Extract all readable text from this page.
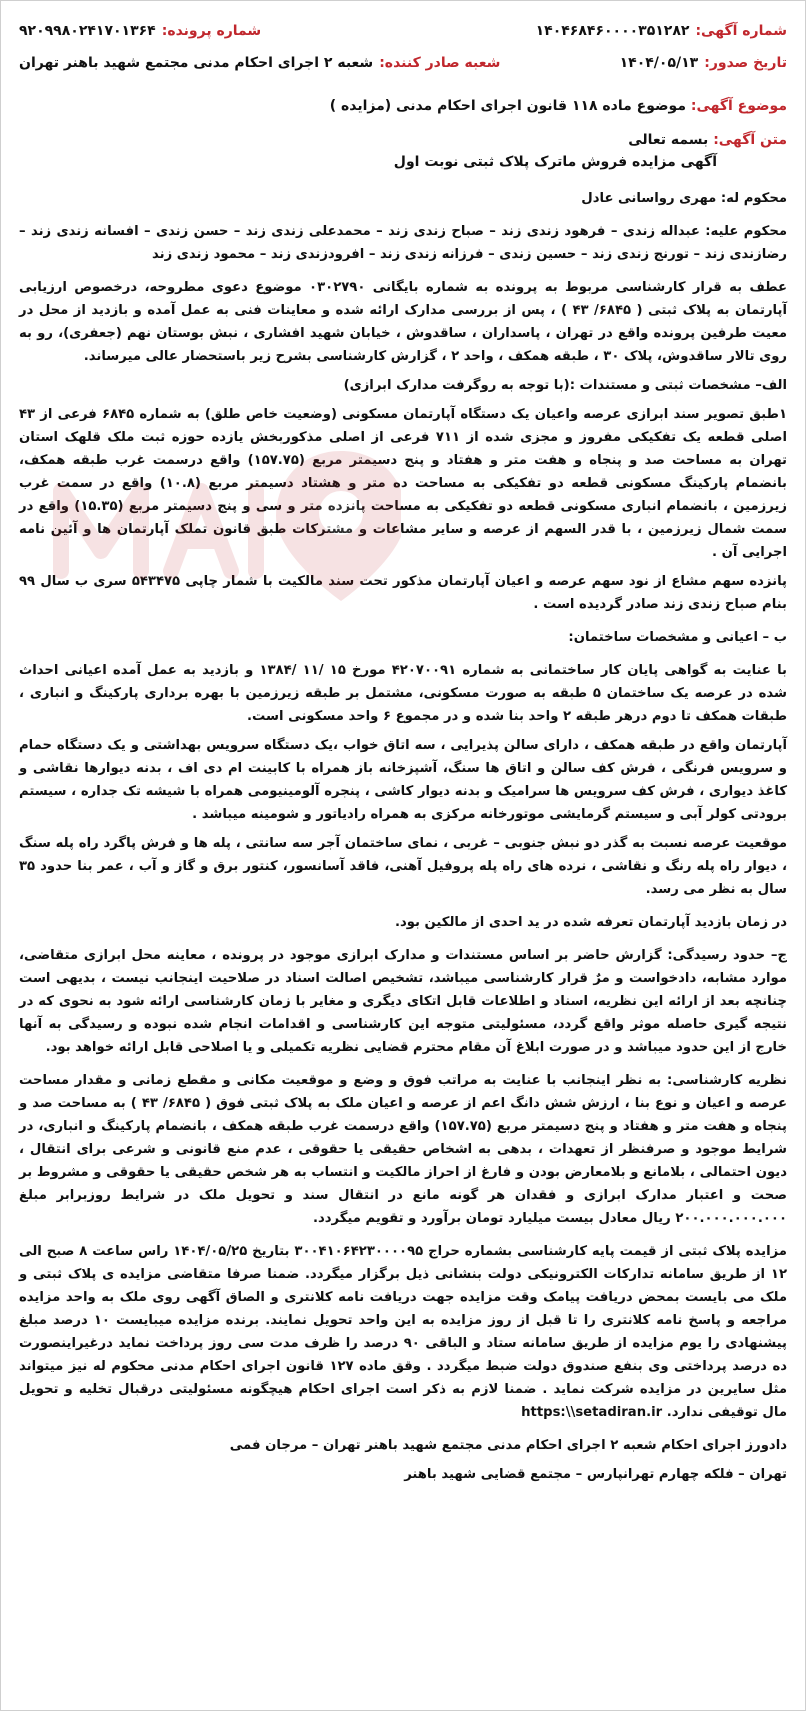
شماره آگهی:
۱۴۰۴۶۸۴۶۰۰۰۰۳۵۱۲۸۲
شماره پرونده:
۹۲۰۹۹۸۰۲۴۱۷۰۱۳۶۴
تاریخ صدور:
۱۴۰۴/۰۵/۱۳
شعبه صادر کننده:
شعبه ۲ اجرای احکام مدنی مجتمع شهید باهنر تهران
موضوع آگهی: موضوع ماده ۱۱۸ قانون اجرای احکام مدنی (مزایده )
متن آگهی: بسمه تعالی
آگهی مزایده فروش ماترک پلاک ثبتی نوبت اول

محکوم له: مهری رواسانی عادل

محکوم علیه: عبداله زندی – فرهود زندی زند – صباح زندی زند – محمدعلی زندی زند – حسن زندی – افسانه زندی زند – رضازندی زند – تورنج زندی زند – حسین زندی – فرزانه زندی زند – افرودزندی زند – محمود زندی زند

عطف به قرار کارشناسی مربوط به پرونده به شماره بایگانی ۰۳۰۲۷۹۰ موضوع دعوی مطروحه، درخصوص ارزیابی آپارتمان به پلاک ثبتی ( ۶۸۴۵/ ۴۳ ) ، پس از بررسی مدارک ارائه شده و معاینات فنی به عمل آمده و بازدید از محل در معیت طرفین پرونده واقع در تهران ، پاسداران ، ساقدوش ، خیابان شهید افشاری ، نبش بوستان نهم (جعفری)، رو به روی تالار ساقدوش، پلاک ۳۰ ، طبقه همکف ، واحد ۲ ، گزارش کارشناسی بشرح زیر باستحضار عالی میرساند.

الف– مشخصات ثبتی و مستندات :(با توجه به روگرفت مدارک ابرازی)

۱طبق تصویر سند ابرازی عرصه واعیان یک دستگاه آپارتمان مسکونی (وضعیت خاص طلق) به شماره ۶۸۴۵ فرعی از ۴۳ اصلی قطعه یک تفکیکی مفروز و مجزی شده از ۷۱۱ فرعی از اصلی مذکوربخش یازده حوزه ثبت ملک قلهک استان تهران به مساحت صد و پنجاه و هفت متر و هفتاد و پنج دسیمتر مربع (۱۵۷.۷۵) واقع درسمت غرب طبقه همکف، بانضمام پارکینگ مسکونی قطعه دو تفکیکی به مساحت ده متر و هشتاد دسیمتر مربع (۱۰.۸) واقع در سمت غرب زیرزمین ، بانضمام انباری مسکونی قطعه دو تفکیکی به مساحت پانزده متر و سی و پنج دسیمتر مربع (۱۵.۳۵) واقع در سمت شمال زیرزمین ، با قدر السهم از عرصه و سایر مشاعات و مشترکات طبق قانون تملک آپارتمان ها و آئین نامه اجرایی آن .

پانزده سهم مشاع از نود سهم عرصه و اعیان آپارتمان مذکور تحت سند مالکیت با شمار چاپی ۵۴۳۴۷۵ سری ب سال ۹۹ بنام صباح زندی زند صادر گردیده است .

ب – اعیانی و مشخصات ساختمان:

با عنایت به گواهی پایان کار ساختمانی به شماره ۴۲۰۷۰۰۹۱ مورخ ۱۵ /۱۱ /۱۳۸۴ و بازدید به عمل آمده اعیانی احداث شده در عرصه یک ساختمان ۵ طبقه به صورت مسکونی، مشتمل بر طبقه زیرزمین با بهره برداری پارکینگ و انباری ، طبقات همکف تا دوم درهر طبقه ۲ واحد بنا شده و در مجموع ۶ واحد مسکونی است.

آپارتمان واقع در طبقه همکف ، دارای سالن پذیرایی ، سه اتاق خواب ،یک دستگاه سرویس بهداشتی و یک دستگاه حمام و سرویس فرنگی ، فرش کف سالن و اتاق ها سنگ، آشپزخانه باز همراه با کابینت ام دی اف ، بدنه دیوارها نقاشی و کاغذ دیواری ، فرش کف سرویس ها سرامیک و بدنه دیوار کاشی ، پنجره آلومینیومی همراه با شیشه تک جداره ، سیستم برودتی کولر آبی و سیستم گرمایشی موتورخانه مرکزی به همراه رادیاتور و شومینه میباشد .

موقعیت عرصه نسبت به گذر دو نبش جنوبی – غربی ، نمای ساختمان آجر سه سانتی ، پله ها و فرش پاگرد راه پله سنگ ، دیوار راه پله رنگ و نقاشی ، نرده های راه پله پروفیل آهنی، فاقد آسانسور، کنتور برق و گاز و آب ، عمر بنا حدود ۳۵ سال به نظر می رسد.

در زمان بازدید آپارتمان تعرفه شده در ید احدی از مالکین بود.

ج– حدود رسیدگی: گزارش حاضر بر اساس مستندات و مدارک ابرازی موجود در پرونده ، معاینه محل ابرازی متقاضی، موارد مشابه، دادخواست و مرٌ قرار کارشناسی میباشد، تشخیص اصالت اسناد در صلاحیت اینجانب نیست ، بدیهی است چنانچه بعد از ارائه این نظریه، اسناد و اطلاعات قابل اتکای دیگری و مغایر با زمان کارشناسی ارائه شود به نحوی که در نتیجه گیری حاصله موثر واقع گردد، مسئولیتی متوجه این کارشناسی و اقدامات انجام شده نبوده و رسیدگی به آنها خارج از این حدود میباشد و در صورت ابلاغ آن مقام محترم قضایی نظریه تکمیلی و یا اصلاحی قابل ارائه خواهد بود.

نظریه کارشناسی: به نظر اینجانب با عنایت به مراتب فوق و وضع و موقعیت مکانی و مقطع زمانی و مقدار مساحت عرصه و اعیان و نوع بنا ، ارزش شش دانگ اعم از عرصه و اعیان ملک به پلاک ثبتی فوق ( ۶۸۴۵/ ۴۳ ) به مساحت صد و پنجاه و هفت متر و هفتاد و پنج دسیمتر مربع (۱۵۷.۷۵) واقع درسمت غرب طبقه همکف ، بانضمام پارکینگ و انباری، در شرایط موجود و صرفنظر از تعهدات ، بدهی به اشخاص حقیقی یا حقوقی ، عدم منع قانونی و شرعی برای انتقال ، دیون احتمالی ، بلامانع و بلامعارض بودن و فارغ از احراز مالکیت و انتساب به هر شخص حقیقی یا حقوقی و مشروط بر صحت و اعتبار مدارک ابرازی و فقدان هر گونه مانع در انتقال سند و تحویل ملک در شرایط روزبرابر مبلغ ۲۰۰.۰۰۰.۰۰۰.۰۰۰ ریال معادل بیست میلیارد تومان برآورد و تقویم میگردد.

مزایده پلاک ثبتی از قیمت پایه کارشناسی بشماره حراج ۳۰۰۴۱۰۶۴۲۳۰۰۰۰۹۵ بتاریخ ۱۴۰۴/۰۵/۲۵ راس ساعت ۸ صبح الی ۱۲ از طریق سامانه تدارکات الکترونیکی دولت بنشانی ذیل برگزار میگردد. ضمنا صرفا متقاضی مزایده ی پلاک ثبتی و ملک می بایست بمحض دریافت پیامک وقت مزایده جهت دریافت نامه کلانتری و الصاق آگهی روی ملک به واحد مزایده مراجعه و پاسخ نامه کلانتری را تا قبل از روز مزایده به این واحد تحویل نمایند. برنده مزایده میبایست ۱۰ درصد مبلغ پیشنهادی را یوم مزایده از طریق سامانه ستاد و الباقی ۹۰ درصد را ظرف مدت سی روز پرداخت نماید درغیراینصورت ده درصد پرداختی وی بنفع صندوق دولت ضبط میگردد . وقق ماده ۱۲۷ قانون اجرای احکام مدنی محکوم له نیز میتواند مثل سایرین در مزایده شرکت نماید . ضمنا لازم به ذکر است اجرای احکام هیچگونه مسئولیتی درقبال تخلیه و تحویل مال توقیفی ندارد. https:\\setadiran.ir

دادورز اجرای احکام شعبه ۲ اجرای احکام مدنی مجتمع شهید باهنر تهران – مرجان فمی

تهران – فلکه چهارم تهرانپارس – مجتمع قضایی شهید باهنر
